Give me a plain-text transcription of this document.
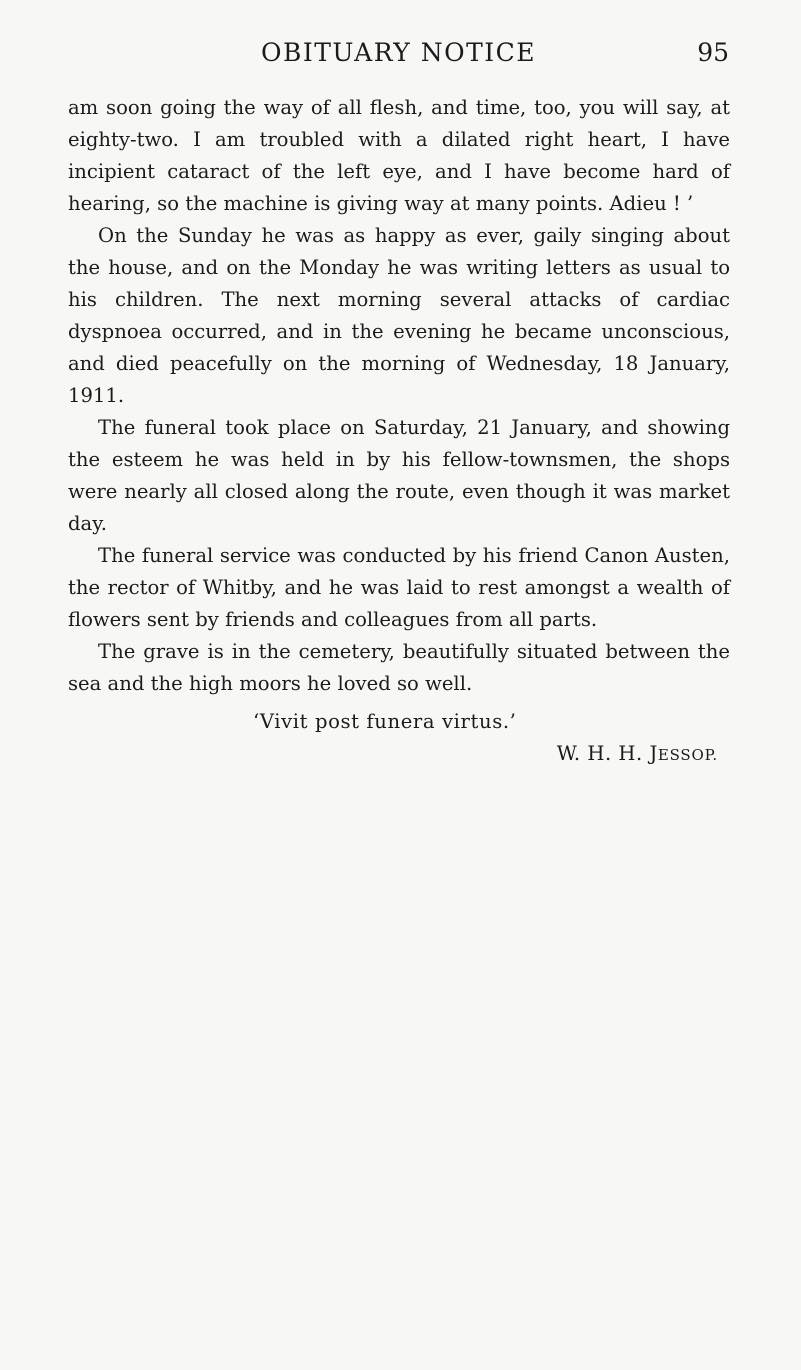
OBITUARY NOTICE	95

am soon going the way of all flesh, and time, too, you will say, at eighty-two. I am troubled with a dilated right heart, I have incipient cataract of the left eye, and I have become hard of hearing, so the machine is giving way at many points. Adieu ! ’

On the Sunday he was as happy as ever, gaily singing about the house, and on the Monday he was writing letters as usual to his children. The next morning several attacks of cardiac dyspnoea occurred, and in the evening he became unconscious, and died peacefully on the morning of Wednesday, 18 January, 1911.

The funeral took place on Saturday, 21 January, and showing the esteem he was held in by his fellow-townsmen, the shops were nearly all closed along the route, even though it was market day.

The funeral service was conducted by his friend Canon Austen, the rector of Whitby, and he was laid to rest amongst a wealth of flowers sent by friends and colleagues from all parts.

The grave is in the cemetery, beautifully situated between the sea and the high moors he loved so well.

‘Vivit post funera virtus.’

W. H. H. JESSOP.
